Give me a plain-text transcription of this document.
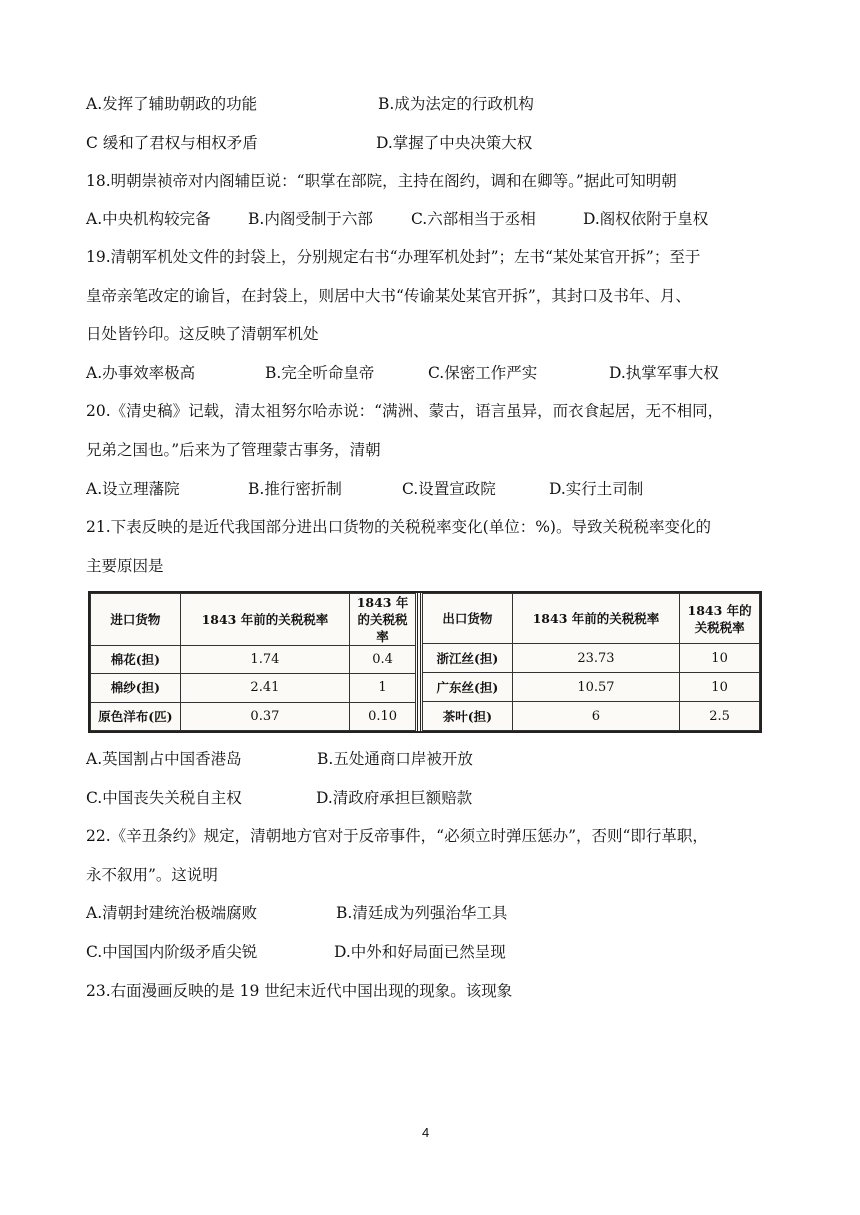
A.发挥了辅助朝政的功能	B.成为法定的行政机构
C 缓和了君权与相权矛盾	D.掌握了中央决策大权
18.明朝崇祯帝对内阁辅臣说：“职掌在部院，主持在阁约，调和在卿等。”据此可知明朝
A.中央机构较完备 B.内阁受制于六部 C.六部相当于丞相	D.阁权依附于皇权
19.清朝军机处文件的封袋上，分别规定右书“办理军机处封”；左书“某处某官开拆”；至于
皇帝亲笔改定的谕旨，在封袋上，则居中大书“传谕某处某官开拆”，其封口及书年、月、
日处皆钤印。这反映了清朝军机处
A.办事效率极高	B.完全听命皇帝	C.保密工作严实	D.执掌军事大权
20.《清史稿》记载，清太祖努尔哈赤说：“满洲、蒙古，语言虽异，而衣食起居，无不相同，
兄弟之国也。”后来为了管理蒙古事务，清朝
A.设立理藩院	B.推行密折制	C.设置宣政院	D.实行土司制
21.下表反映的是近代我国部分进出口货物的关税税率变化(单位：%)。导致关税税率变化的
主要原因是
进口货物	1843 年前的关税税率	1843 年的关税税率
棉花(担)	1.74	0.4
棉纱(担)	2.41	1
原色洋布(匹)	0.37	0.10
出口货物	1843 年前的关税税率	1843 年的关税税率
浙江丝(担)	23.73	10
广东丝(担)	10.57	10
茶叶(担)	6	2.5
A.英国割占中国香港岛	B.五处通商口岸被开放
C.中国丧失关税自主权	D.清政府承担巨额赔款
22.《辛丑条约》规定，清朝地方官对于反帝事件，“必须立时弹压惩办”，否则“即行革职，
永不叙用”。这说明
A.清朝封建统治极端腐败	B.清廷成为列强治华工具
C.中国国内阶级矛盾尖锐	D.中外和好局面已然呈现
23.右面漫画反映的是 19 世纪末近代中国出现的现象。该现象
4
